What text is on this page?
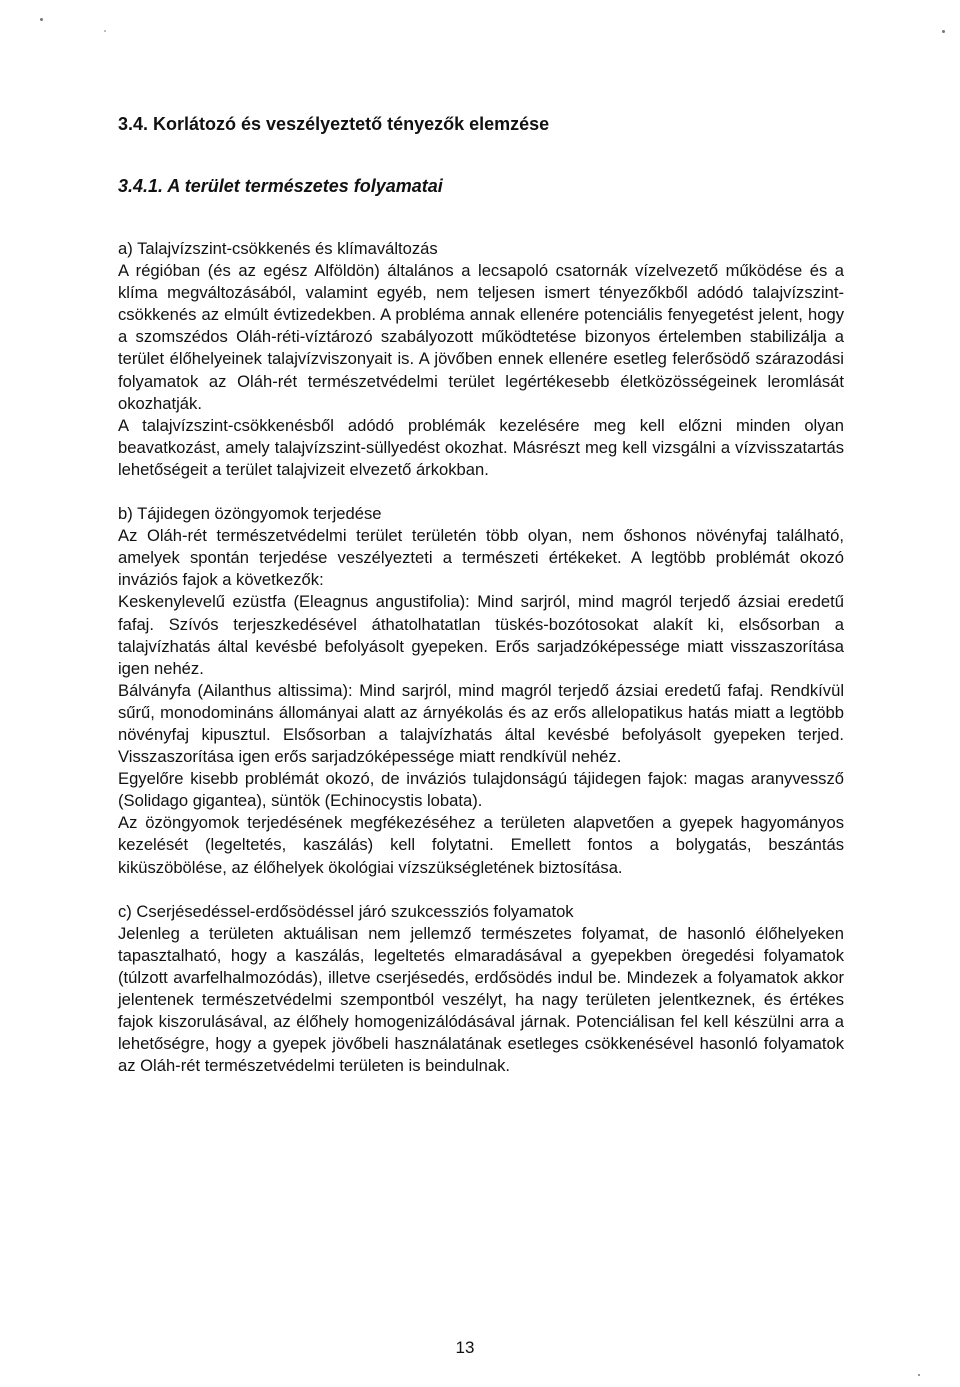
3.4. Korlátozó és veszélyeztető tényezők elemzése
3.4.1. A terület természetes folyamatai

a) Talajvízszint-csökkenés és klímaváltozás

A régióban (és az egész Alföldön) általános a lecsapoló csatornák vízelvezető működése és a klíma megváltozásából, valamint egyéb, nem teljesen ismert tényezőkből adódó talajvízszint-csökkenés az elmúlt évtizedekben. A probléma annak ellenére potenciális fenyegetést jelent, hogy a szomszédos Oláh-réti-víztározó szabályozott működtetése bizonyos értelemben stabilizálja a terület élőhelyeinek talajvízviszonyait is. A jövőben ennek ellenére esetleg felerősödő szárazodási folyamatok az Oláh-rét természetvédelmi terület legértékesebb életközösségeinek leromlását okozhatják.

A talajvízszint-csökkenésből adódó problémák kezelésére meg kell előzni minden olyan beavatkozást, amely talajvízszint-süllyedést okozhat. Másrészt meg kell vizsgálni a vízvisszatartás lehetőségeit a terület talajvizeit elvezető árkokban.

b) Tájidegen özöngyomok terjedése

Az Oláh-rét természetvédelmi terület területén több olyan, nem őshonos növényfaj található, amelyek spontán terjedése veszélyezteti a természeti értékeket. A legtöbb problémát okozó inváziós fajok a következők:

Keskenylevelű ezüstfa (Eleagnus angustifolia): Mind sarjról, mind magról terjedő ázsiai eredetű fafaj. Szívós terjeszkedésével áthatolhatatlan tüskés-bozótosokat alakít ki, elsősorban a talajvízhatás által kevésbé befolyásolt gyepeken. Erős sarjadzóképessége miatt visszaszorítása igen nehéz.

Bálványfa (Ailanthus altissima): Mind sarjról, mind magról terjedő ázsiai eredetű fafaj. Rendkívül sűrű, monodomináns állományai alatt az árnyékolás és az erős allelopatikus hatás miatt a legtöbb növényfaj kipusztul. Elsősorban a talajvízhatás által kevésbé befolyásolt gyepeken terjed. Visszaszorítása igen erős sarjadzóképessége miatt rendkívül nehéz.

Egyelőre kisebb problémát okozó, de inváziós tulajdonságú tájidegen fajok: magas aranyvessző (Solidago gigantea), süntök (Echinocystis lobata).

Az özöngyomok terjedésének megfékezéséhez a területen alapvetően a gyepek hagyományos kezelését (legeltetés, kaszálás) kell folytatni. Emellett fontos a bolygatás, beszántás kiküszöbölése, az élőhelyek ökológiai vízszükségletének biztosítása.

c) Cserjésedéssel-erdősödéssel járó szukcessziós folyamatok

Jelenleg a területen aktuálisan nem jellemző természetes folyamat, de hasonló élőhelyeken tapasztalható, hogy a kaszálás, legeltetés elmaradásával a gyepekben öregedési folyamatok (túlzott avarfelhalmozódás), illetve cserjésedés, erdősödés indul be. Mindezek a folyamatok akkor jelentenek természetvédelmi szempontból veszélyt, ha nagy területen jelentkeznek, és értékes fajok kiszorulásával, az élőhely homogenizálódásával járnak. Potenciálisan fel kell készülni arra a lehetőségre, hogy a gyepek jövőbeli használatának esetleges csökkenésével hasonló folyamatok az Oláh-rét természetvédelmi területen is beindulnak.

13
